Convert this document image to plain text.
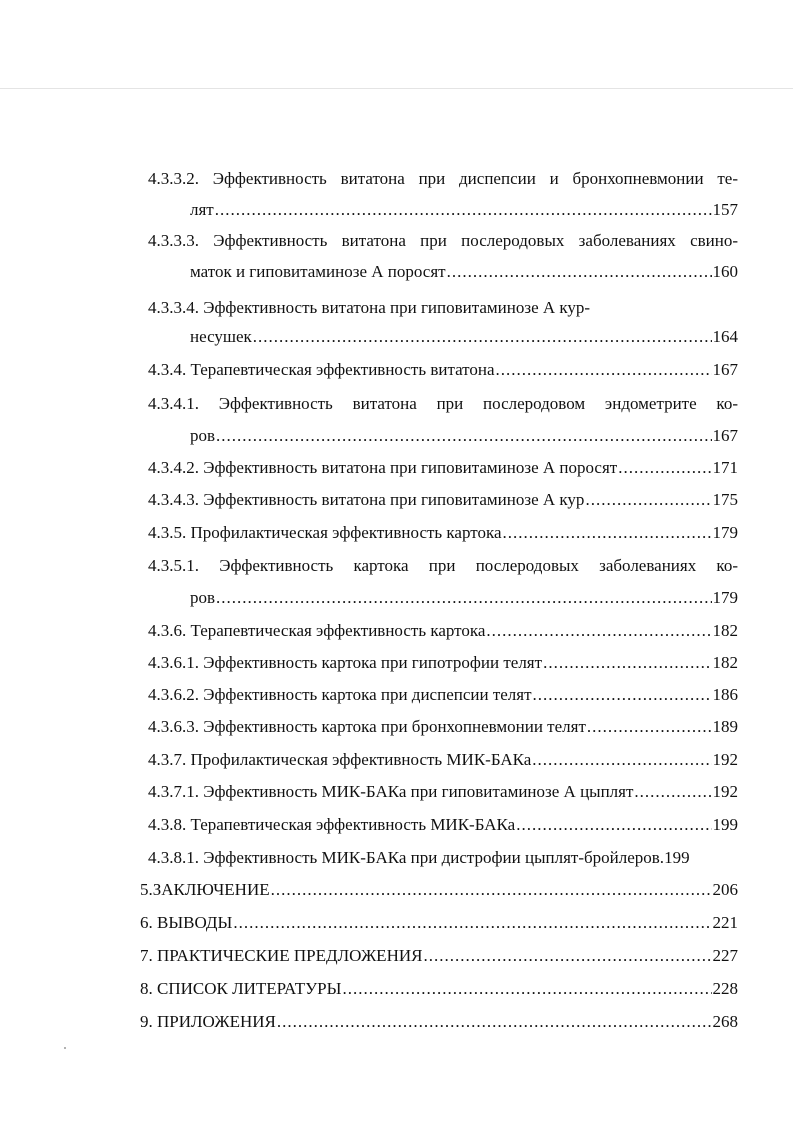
4.3.3.2. Эффективность витатона при диспепсии и бронхопневмонии те-
лят .....	157
4.3.3.3. Эффективность витатона при послеродовых заболеваниях свино-
маток и гиповитаминозе А поросят .....	160
4.3.3.4. Эффективность витатона при гиповитаминозе А кур-
несушек .....	164
4.3.4. Терапевтическая эффективность витатона .....	167
4.3.4.1. Эффективность витатона при послеродовом эндометрите ко-
ров .....	167
4.3.4.2. Эффективность витатона при гиповитаминозе А поросят .....	171
4.3.4.3. Эффективность витатона при гиповитаминозе А кур .....	175
4.3.5. Профилактическая эффективность картока .....	179
4.3.5.1. Эффективность картока при послеродовых заболеваниях ко-
ров .....	179
4.3.6. Терапевтическая эффективность картока .....	182
4.3.6.1. Эффективность картока при гипотрофии телят .....	182
4.3.6.2. Эффективность картока при диспепсии телят .....	186
4.3.6.3. Эффективность картока при бронхопневмонии телят .....	189
4.3.7. Профилактическая эффективность МИК-БАКа .....	192
4.3.7.1. Эффективность МИК-БАКа при гиповитаминозе А цыплят .....	192
4.3.8. Терапевтическая эффективность МИК-БАКа .....	199
4.3.8.1. Эффективность МИК-БАКа при дистрофии цыплят-бройлеров. 199
5.ЗАКЛЮЧЕНИЕ .....	206
6. ВЫВОДЫ .....	221
7. ПРАКТИЧЕСКИЕ ПРЕДЛОЖЕНИЯ .....	227
8. СПИСОК ЛИТЕРАТУРЫ .....	228
9. ПРИЛОЖЕНИЯ .....	268
